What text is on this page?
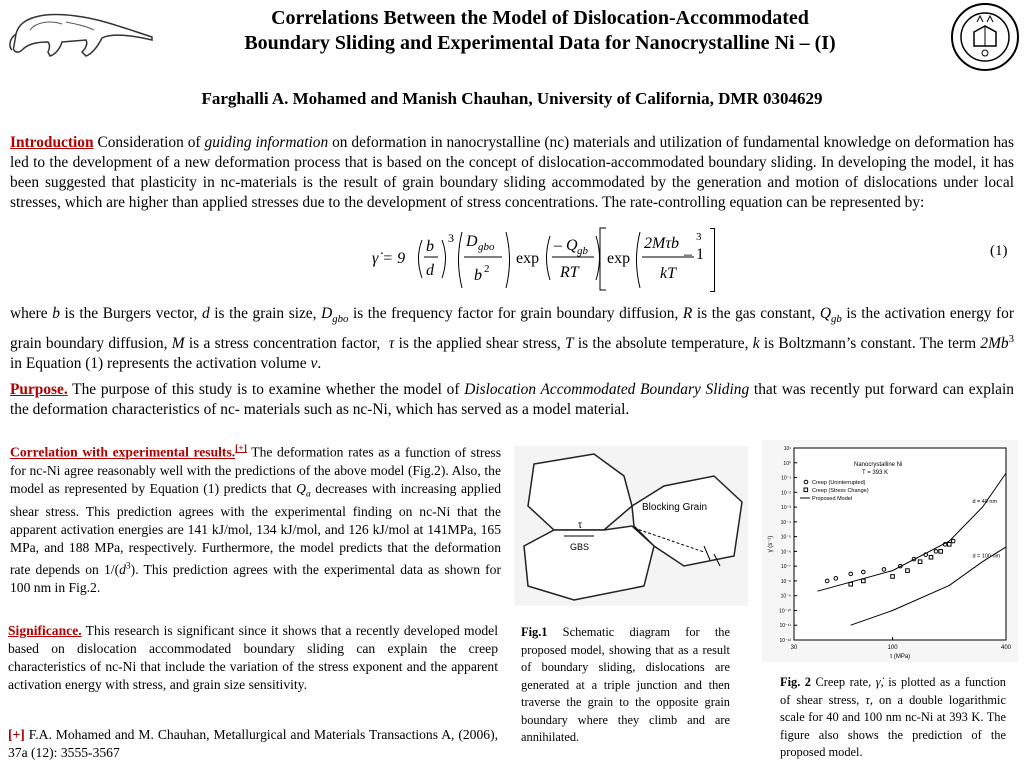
Correlations Between the Model of Dislocation-Accommodated
Boundary Sliding and Experimental Data for Nanocrystalline Ni – (I)
Farghalli A. Mohamed and Manish Chauhan, University of California, DMR 0304629
Introduction Consideration of guiding information on deformation in nanocrystalline (nc) materials and utilization of fundamental knowledge on deformation has led to the development of a new deformation process that is based on the concept of dislocation-accommodated boundary sliding. In developing the model, it has been suggested that plasticity in nc-materials is the result of grain boundary sliding accommodated by the generation and motion of dislocations under local stresses, which are higher than applied stresses due to the development of stress concentrations. The rate-controlling equation can be represented by:
γ̇ = 9
b
d
3 D gbo
b 2
exp
– Q gb
RT
exp
2Mτb 3
kT
– 1	(1)
where b is the Burgers vector, d is the grain size, $D_{gbo}$ is the frequency factor for grain boundary diffusion, R is the gas constant, $Q_{gb}$ is the activation energy for grain boundary diffusion, M is a stress concentration factor,  τ is the applied shear stress, T is the absolute temperature, k is Boltzmann’s constant. The term 2Mb$^3$ in Equation (1) represents the activation volume v.
Purpose. The purpose of this study is to examine whether the model of Dislocation Accommodated Boundary Sliding that was recently put forward can explain the deformation characteristics of nc- materials such as nc-Ni, which has served as a model material.
Correlation with experimental results.[+] The deformation rates as a function of stress for nc-Ni agree reasonably well with the predictions of the above model (Fig.2). Also, the model as represented by Equation (1) predicts that $Q_a$ decreases with increasing applied shear stress. This prediction agrees with the experimental finding on nc-Ni that the apparent activation energies are 141 kJ/mol, 134 kJ/mol, and 126 kJ/mol at 141MPa, 165 MPa, and 188 MPa, respectively. Furthermore, the model predicts that the deformation rate depends on $1/(d^3)$. This prediction agrees with the experimental data as shown for 100 nm in Fig.2.
Significance. This research is significant since it shows that a recently developed model based on dislocation accommodated boundary sliding can explain the creep characteristics of nc-Ni that include the variation of the stress exponent and the apparent activation energy with stress, and grain size sensitivity.
[+] F.A. Mohamed and M. Chauhan, Metallurgical and Materials Transactions A, (2006), 37a (12): 3555-3567
Blocking Grain
GBS
τ
Fig.1 Schematic diagram for the proposed model, showing that as a result of boundary sliding, dislocations are generated at a triple junction and then traverse the grain to the opposite grain boundary where they climb and are annihilated.
10¹
10⁰
10⁻¹
10⁻²
10⁻³
10⁻⁴
10⁻⁵
10⁻⁶
10⁻⁷
10⁻⁸
10⁻⁹
10⁻¹⁰
10⁻¹¹
10⁻¹²
30	100	400
τ (MPa)
γ̇ (s⁻¹)
Nanocrystalline Ni
T = 393 K
Creep (Uninterrupted)
Creep (Stress Change)
Proposed Model
d = 40 nm
d = 100 nm
Fig. 2 Creep rate, γ̇, is plotted as a function of shear stress, τ, on a double logarithmic scale for 40 and 100 nm nc-Ni at 393 K. The figure also shows the prediction of the proposed model.
